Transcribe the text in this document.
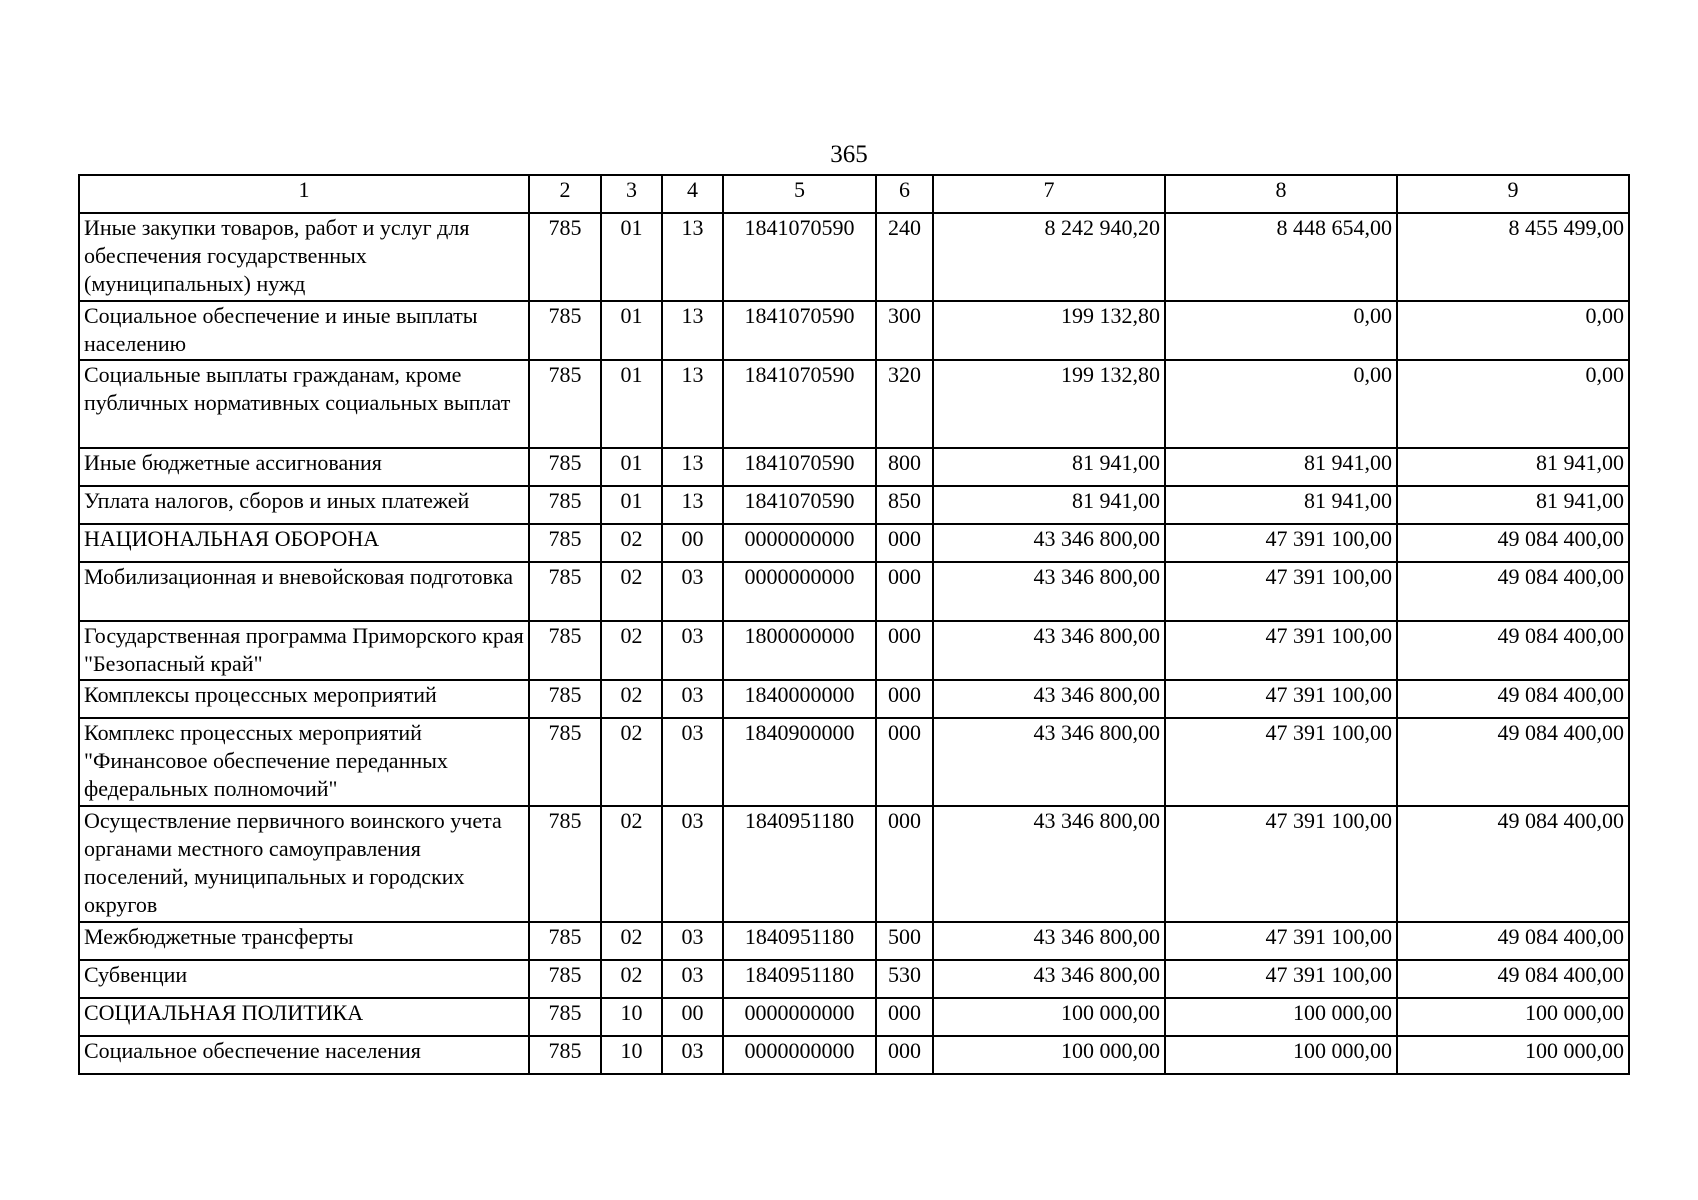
365
1	2	3	4	5	6	7	8	9
Иные закупки товаров, работ и услуг для обеспечения государственных (муниципальных) нужд	785	01	13	1841070590	240	8 242 940,20	8 448 654,00	8 455 499,00
Социальное обеспечение и иные выплаты населению	785	01	13	1841070590	300	199 132,80	0,00	0,00
Социальные выплаты гражданам, кроме публичных нормативных социальных выплат	785	01	13	1841070590	320	199 132,80	0,00	0,00
Иные бюджетные ассигнования	785	01	13	1841070590	800	81 941,00	81 941,00	81 941,00
Уплата налогов, сборов и иных платежей	785	01	13	1841070590	850	81 941,00	81 941,00	81 941,00
НАЦИОНАЛЬНАЯ ОБОРОНА	785	02	00	0000000000	000	43 346 800,00	47 391 100,00	49 084 400,00
Мобилизационная и вневойсковая подготовка	785	02	03	0000000000	000	43 346 800,00	47 391 100,00	49 084 400,00
Государственная программа Приморского края "Безопасный край"	785	02	03	1800000000	000	43 346 800,00	47 391 100,00	49 084 400,00
Комплексы процессных мероприятий	785	02	03	1840000000	000	43 346 800,00	47 391 100,00	49 084 400,00
Комплекс процессных мероприятий "Финансовое обеспечение переданных федеральных полномочий"	785	02	03	1840900000	000	43 346 800,00	47 391 100,00	49 084 400,00
Осуществление первичного воинского учета органами местного самоуправления поселений, муниципальных и городских округов	785	02	03	1840951180	000	43 346 800,00	47 391 100,00	49 084 400,00
Межбюджетные трансферты	785	02	03	1840951180	500	43 346 800,00	47 391 100,00	49 084 400,00
Субвенции	785	02	03	1840951180	530	43 346 800,00	47 391 100,00	49 084 400,00
СОЦИАЛЬНАЯ ПОЛИТИКА	785	10	00	0000000000	000	100 000,00	100 000,00	100 000,00
Социальное обеспечение населения	785	10	03	0000000000	000	100 000,00	100 000,00	100 000,00
